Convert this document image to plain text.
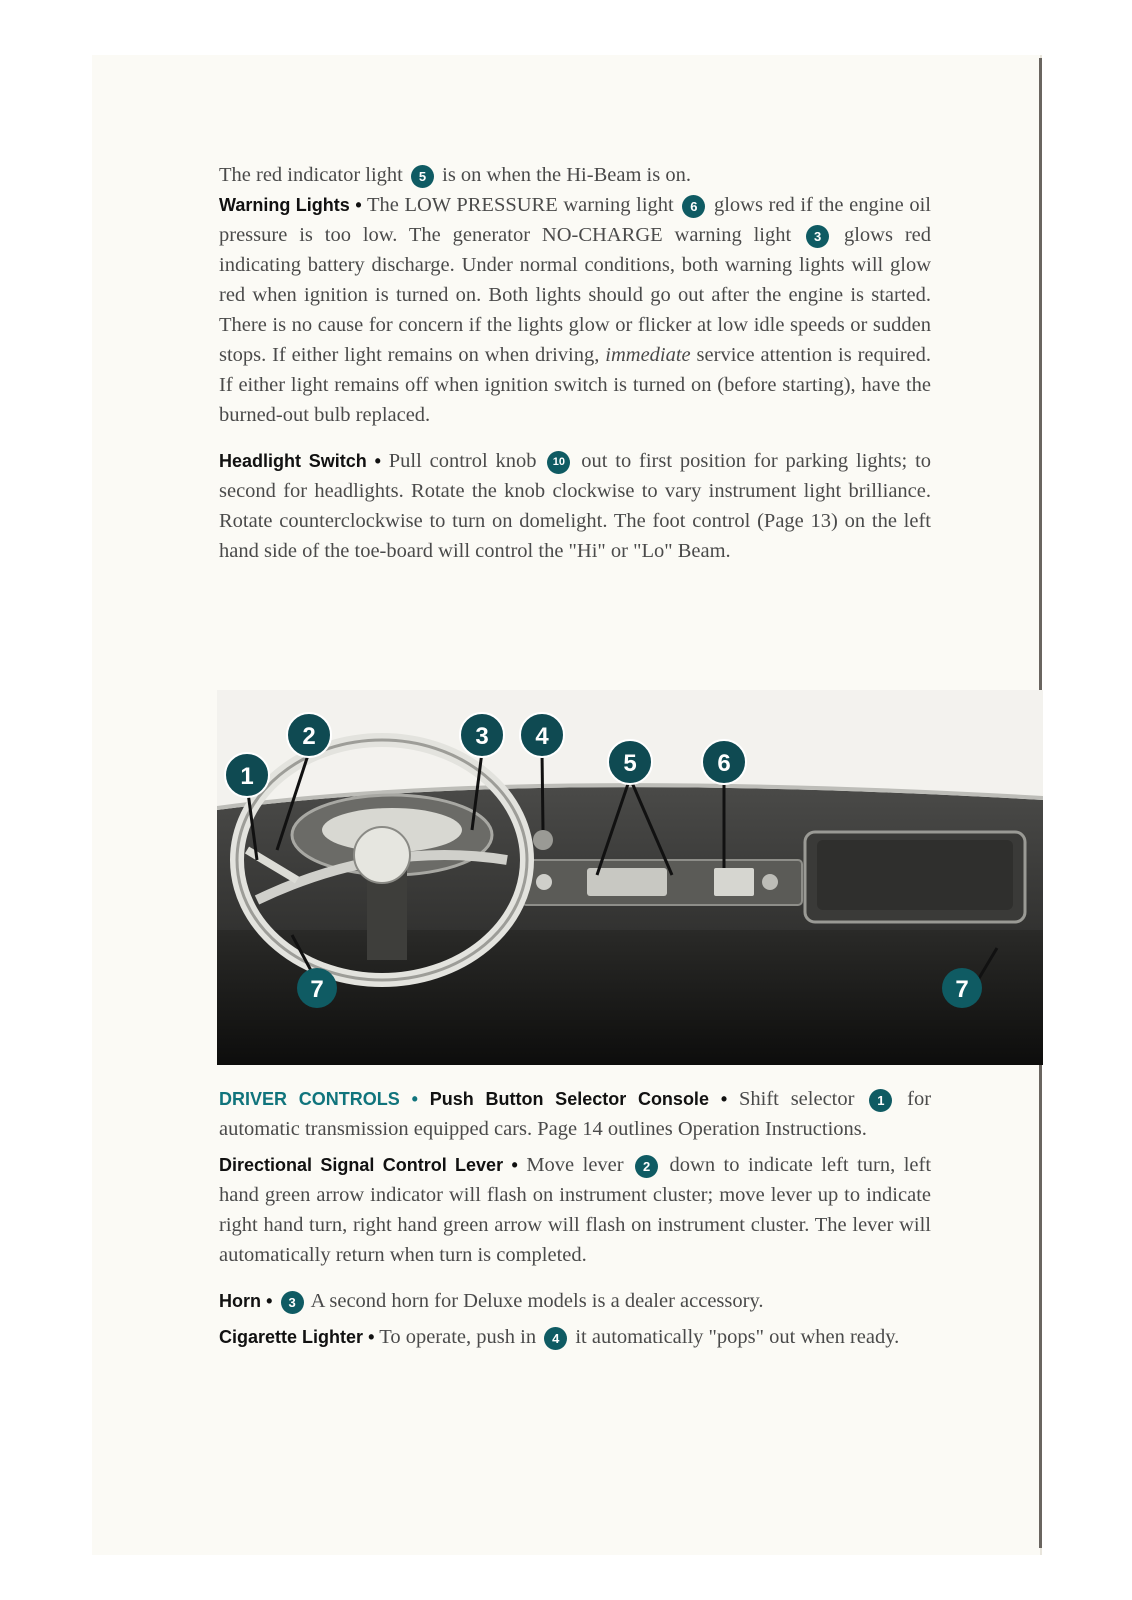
The red indicator light 5 is on when the Hi-Beam is on.

Warning Lights • The LOW PRESSURE warning light 6 glows red if the engine oil pressure is too low. The generator NO-CHARGE warning light 3 glows red indicating battery discharge. Under normal conditions, both warning lights will glow red when ignition is turned on. Both lights should go out after the engine is started. There is no cause for concern if the lights glow or flicker at low idle speeds or sudden stops. If either light remains on when driving, immediate service attention is required. If either light remains off when ignition switch is turned on (before starting), have the burned-out bulb replaced.

Headlight Switch • Pull control knob 10 out to first position for parking lights; to second for headlights. Rotate the knob clockwise to vary instrument light brilliance. Rotate counterclockwise to turn on domelight. The foot control (Page 13) on the left hand side of the toe-board will control the "Hi" or "Lo" Beam.

1
2	3 4
5	6
7	7

DRIVER CONTROLS • Push Button Selector Console • Shift selector 1 for automatic transmission equipped cars. Page 14 outlines Operation Instructions.

Directional Signal Control Lever • Move lever 2 down to indicate left turn, left hand green arrow indicator will flash on instrument cluster; move lever up to indicate right hand turn, right hand green arrow will flash on instrument cluster. The lever will automatically return when turn is completed.

Horn • 3 A second horn for Deluxe models is a dealer accessory.

Cigarette Lighter • To operate, push in 4 it automatically "pops" out when ready.
